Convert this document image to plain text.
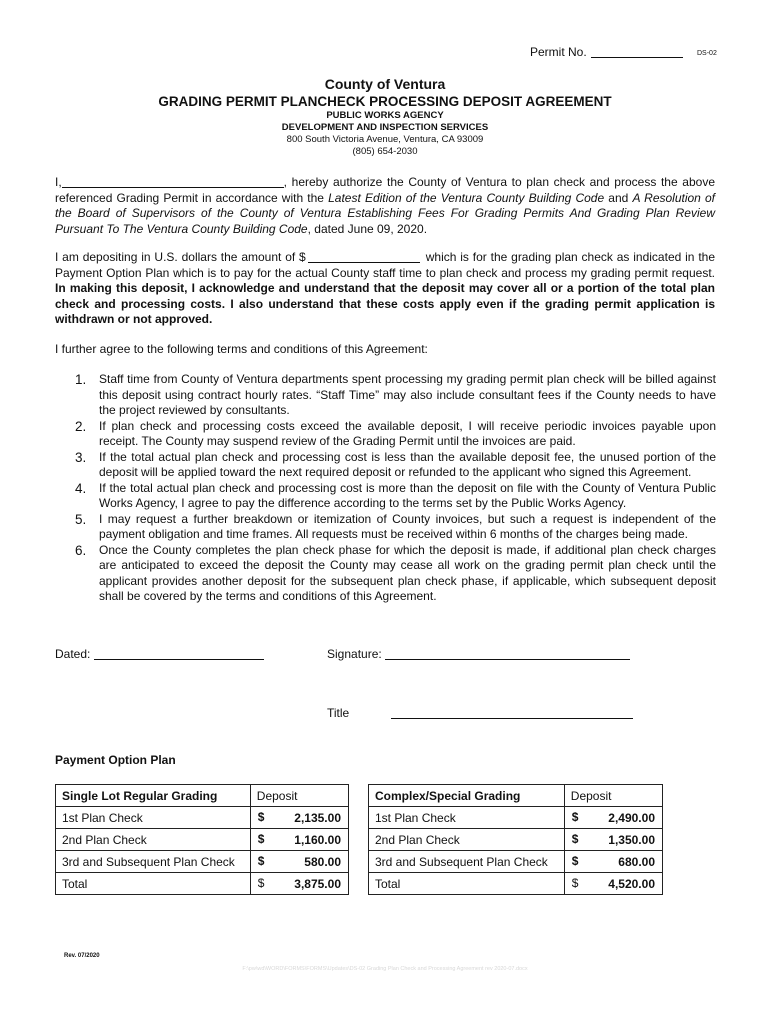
Permit No.	DS-02
County of Ventura
GRADING PERMIT PLANCHECK PROCESSING DEPOSIT AGREEMENT
PUBLIC WORKS AGENCY
DEVELOPMENT AND INSPECTION SERVICES
800 South Victoria Avenue, Ventura, CA 93009
(805) 654-2030
I,	, hereby authorize the County of Ventura to plan check and process the above referenced Grading Permit in accordance with the Latest Edition of the Ventura County Building Code and A Resolution of the Board of Supervisors of the County of Ventura Establishing Fees For Grading Permits And Grading Plan Review Pursuant To The Ventura County Building Code, dated June 09, 2020.
I am depositing in U.S. dollars the amount of $	which is for the grading plan check as indicated in the Payment Option Plan which is to pay for the actual County staff time to plan check and process my grading permit request. In making this deposit, I acknowledge and understand that the deposit may cover all or a portion of the total plan check and processing costs. I also understand that these costs apply even if the grading permit application is withdrawn or not approved.
I further agree to the following terms and conditions of this Agreement:
1. Staff time from County of Ventura departments spent processing my grading permit plan check will be billed against this deposit using contract hourly rates. “Staff Time” may also include consultant fees if the County needs to have the project reviewed by consultants.
2. If plan check and processing costs exceed the available deposit, I will receive periodic invoices payable upon receipt. The County may suspend review of the Grading Permit until the invoices are paid.
3. If the total actual plan check and processing cost is less than the available deposit fee, the unused portion of the deposit will be applied toward the next required deposit or refunded to the applicant who signed this Agreement.
4. If the total actual plan check and processing cost is more than the deposit on file with the County of Ventura Public Works Agency, I agree to pay the difference according to the terms set by the Public Works Agency.
5. I may request a further breakdown or itemization of County invoices, but such a request is independent of the payment obligation and time frames. All requests must be received within 6 months of the charges being made.
6. Once the County completes the plan check phase for which the deposit is made, if additional plan check charges are anticipated to exceed the deposit the County may cease all work on the grading permit plan check until the applicant provides another deposit for the subsequent plan check phase, if applicable, which subsequent deposit shall be covered by the terms and conditions of this Agreement.
Dated:	Signature:
Title
Payment Option Plan
Single Lot Regular Grading	Deposit
1st Plan Check	$ 2,135.00

2nd Plan Check	$ 1,160.00

3rd and Subsequent Plan Check	$ 580.00

Total	$ 3,875.00
Complex/Special Grading	Deposit
1st Plan Check	$ 2,490.00

2nd Plan Check	$ 1,350.00

3rd and Subsequent Plan Check	$ 680.00

Total	$ 4,520.00
Rev. 07/2020
F:\pw\wd\WORD\FORMS\FORMS\Updates\DS-02 Grading Plan Check and Processing Agreement rev 2020-07.docx
